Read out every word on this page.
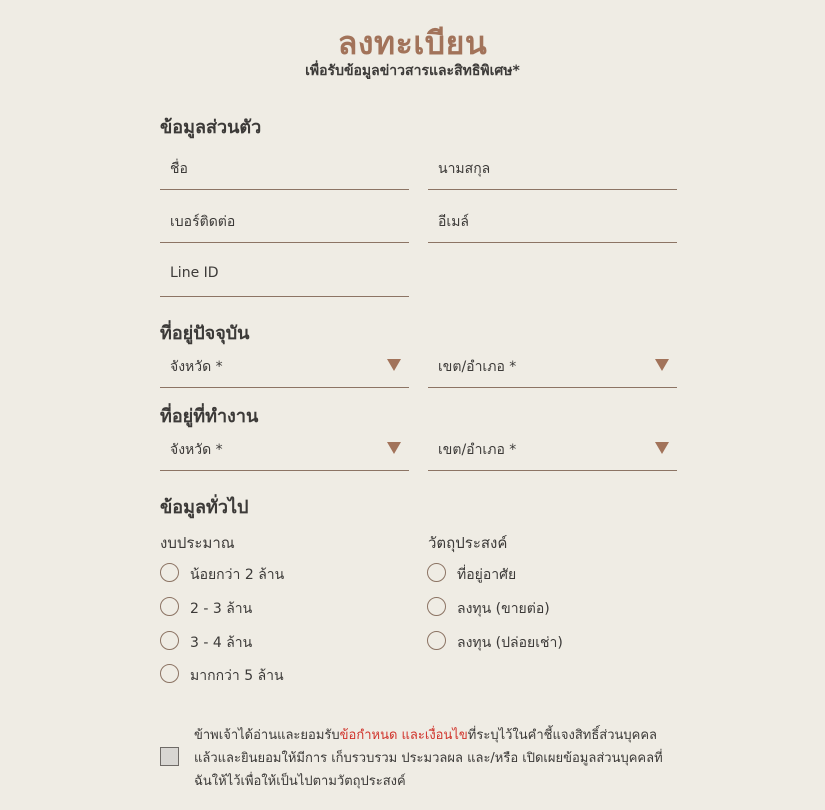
ลงทะเบียน
เพื่อรับข้อมูลข่าวสารและสิทธิพิเศษ*
ข้อมูลส่วนตัว
ชื่อ	นามสกุล
เบอร์ติดต่อ	อีเมล์
Line ID
ที่อยู่ปัจจุบัน
จังหวัด *	เขต/อำเภอ *
ที่อยู่ที่ทำงาน
จังหวัด *	เขต/อำเภอ *
ข้อมูลทั่วไป
งบประมาณ	วัตถุประสงค์
น้อยกว่า 2 ล้าน
2 - 3 ล้าน
3 - 4 ล้าน
มากกว่า 5 ล้าน
ที่อยู่อาศัย
ลงทุน (ขายต่อ)
ลงทุน (ปล่อยเช่า)
ข้าพเจ้าได้อ่านและยอมรับข้อกำหนด และเงื่อนไขที่ระบุไว้ในคำชี้แจงสิทธิ์ส่วนบุคคลแล้วและยินยอมให้มีการ เก็บรวบรวม ประมวลผล และ/หรือ เปิดเผยข้อมูลส่วนบุคคลที่ฉันให้ไว้เพื่อให้เป็นไปตามวัตถุประสงค์
